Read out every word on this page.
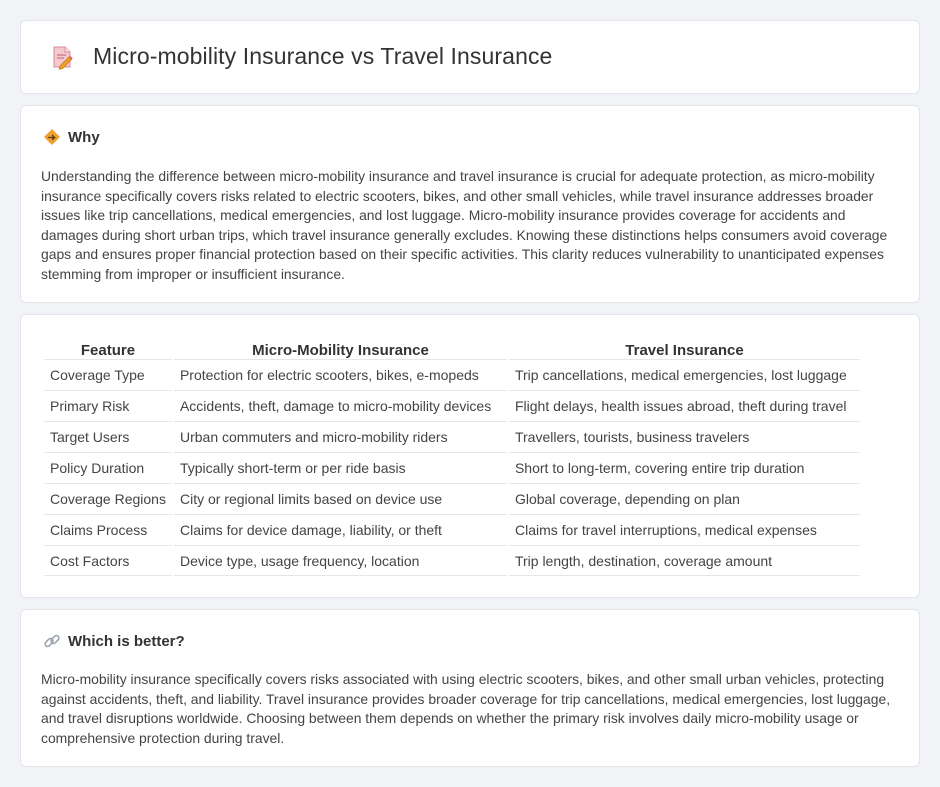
Micro-mobility Insurance vs Travel Insurance
Why

Understanding the difference between micro-mobility insurance and travel insurance is crucial for adequate protection, as micro-mobility insurance specifically covers risks related to electric scooters, bikes, and other small vehicles, while travel insurance addresses broader issues like trip cancellations, medical emergencies, and lost luggage. Micro-mobility insurance provides coverage for accidents and damages during short urban trips, which travel insurance generally excludes. Knowing these distinctions helps consumers avoid coverage gaps and ensures proper financial protection based on their specific activities. This clarity reduces vulnerability to unanticipated expenses stemming from improper or insufficient insurance.

Feature	Micro-Mobility Insurance	Travel Insurance
Coverage Type	Protection for electric scooters, bikes, e-mopeds	Trip cancellations, medical emergencies, lost luggage
Primary Risk	Accidents, theft, damage to micro-mobility devices	Flight delays, health issues abroad, theft during travel
Target Users	Urban commuters and micro-mobility riders	Travellers, tourists, business travelers
Policy Duration	Typically short-term or per ride basis	Short to long-term, covering entire trip duration
Coverage Regions	City or regional limits based on device use	Global coverage, depending on plan
Claims Process	Claims for device damage, liability, or theft	Claims for travel interruptions, medical expenses
Cost Factors	Device type, usage frequency, location	Trip length, destination, coverage amount
Which is better?

Micro-mobility insurance specifically covers risks associated with using electric scooters, bikes, and other small urban vehicles, protecting against accidents, theft, and liability. Travel insurance provides broader coverage for trip cancellations, medical emergencies, lost luggage, and travel disruptions worldwide. Choosing between them depends on whether the primary risk involves daily micro-mobility usage or comprehensive protection during travel.
